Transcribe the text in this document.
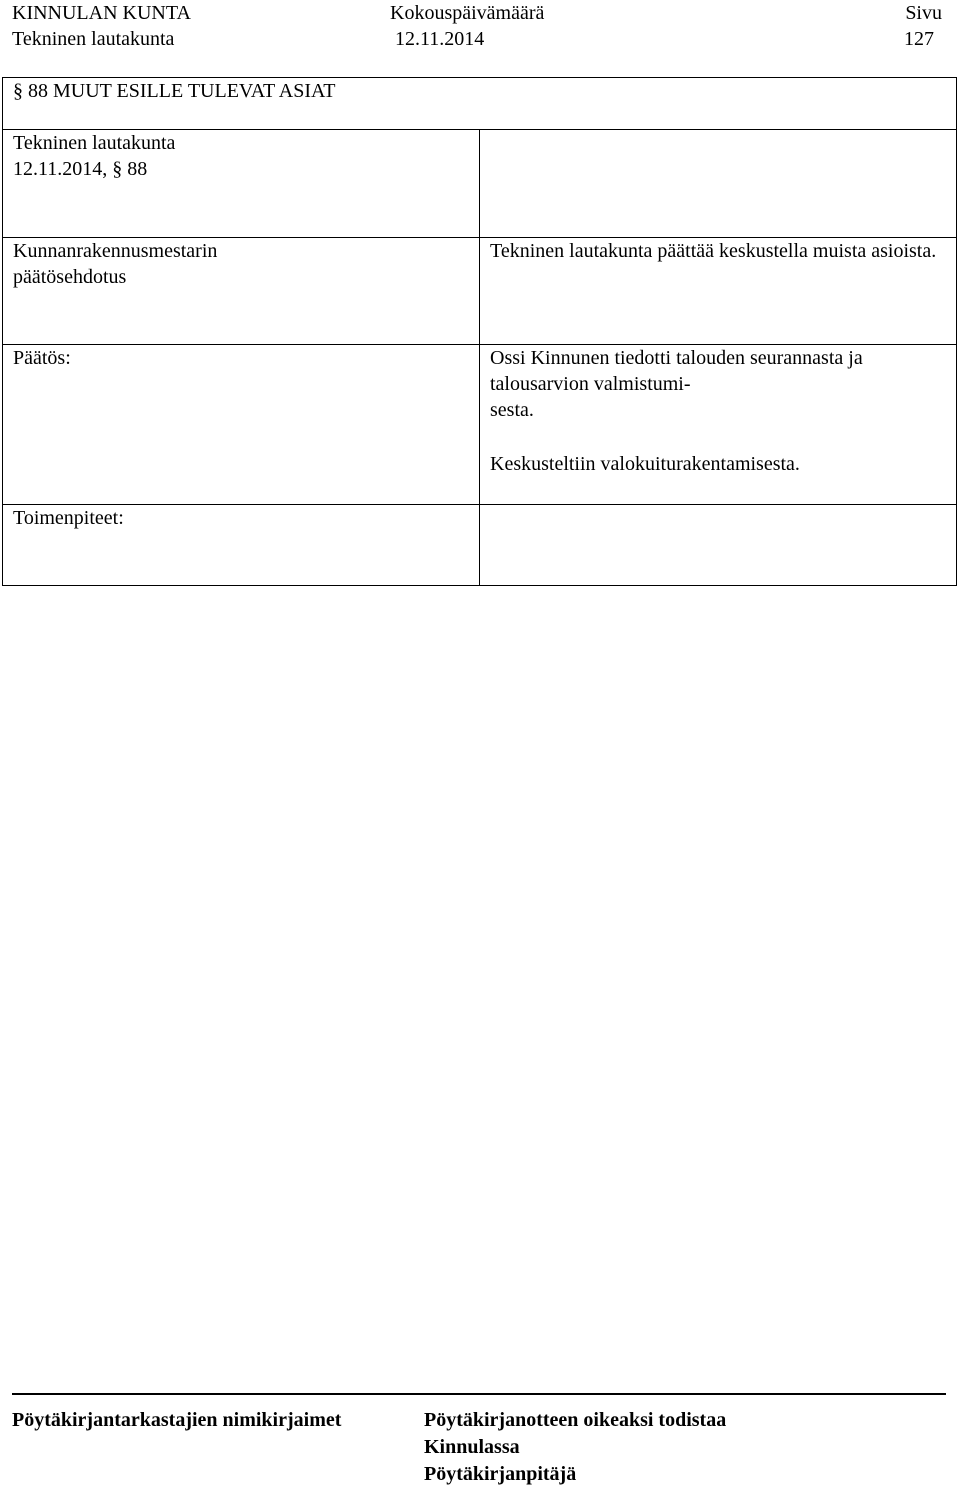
KINNULAN KUNTA
Tekninen lautakunta
Kokouspäivämäärä
12.11.2014
Sivu
127
§ 88 MUUT ESILLE TULEVAT ASIAT	

Tekninen lautakunta
12.11.2014, § 88	

Kunnanrakennusmestarin
päätösehdotus	Tekninen lautakunta päättää keskustella muista asioista.

Päätös:	Ossi Kinnunen tiedotti talouden seurannasta ja talousarvion valmistumi-
sesta.
Keskusteltiin valokuiturakentamisesta.

Toimenpiteet:	

Pöytäkirjantarkastajien nimikirjaimet	Pöytäkirjanotteen oikeaksi todistaa
Kinnulassa
Pöytäkirjanpitäjä
